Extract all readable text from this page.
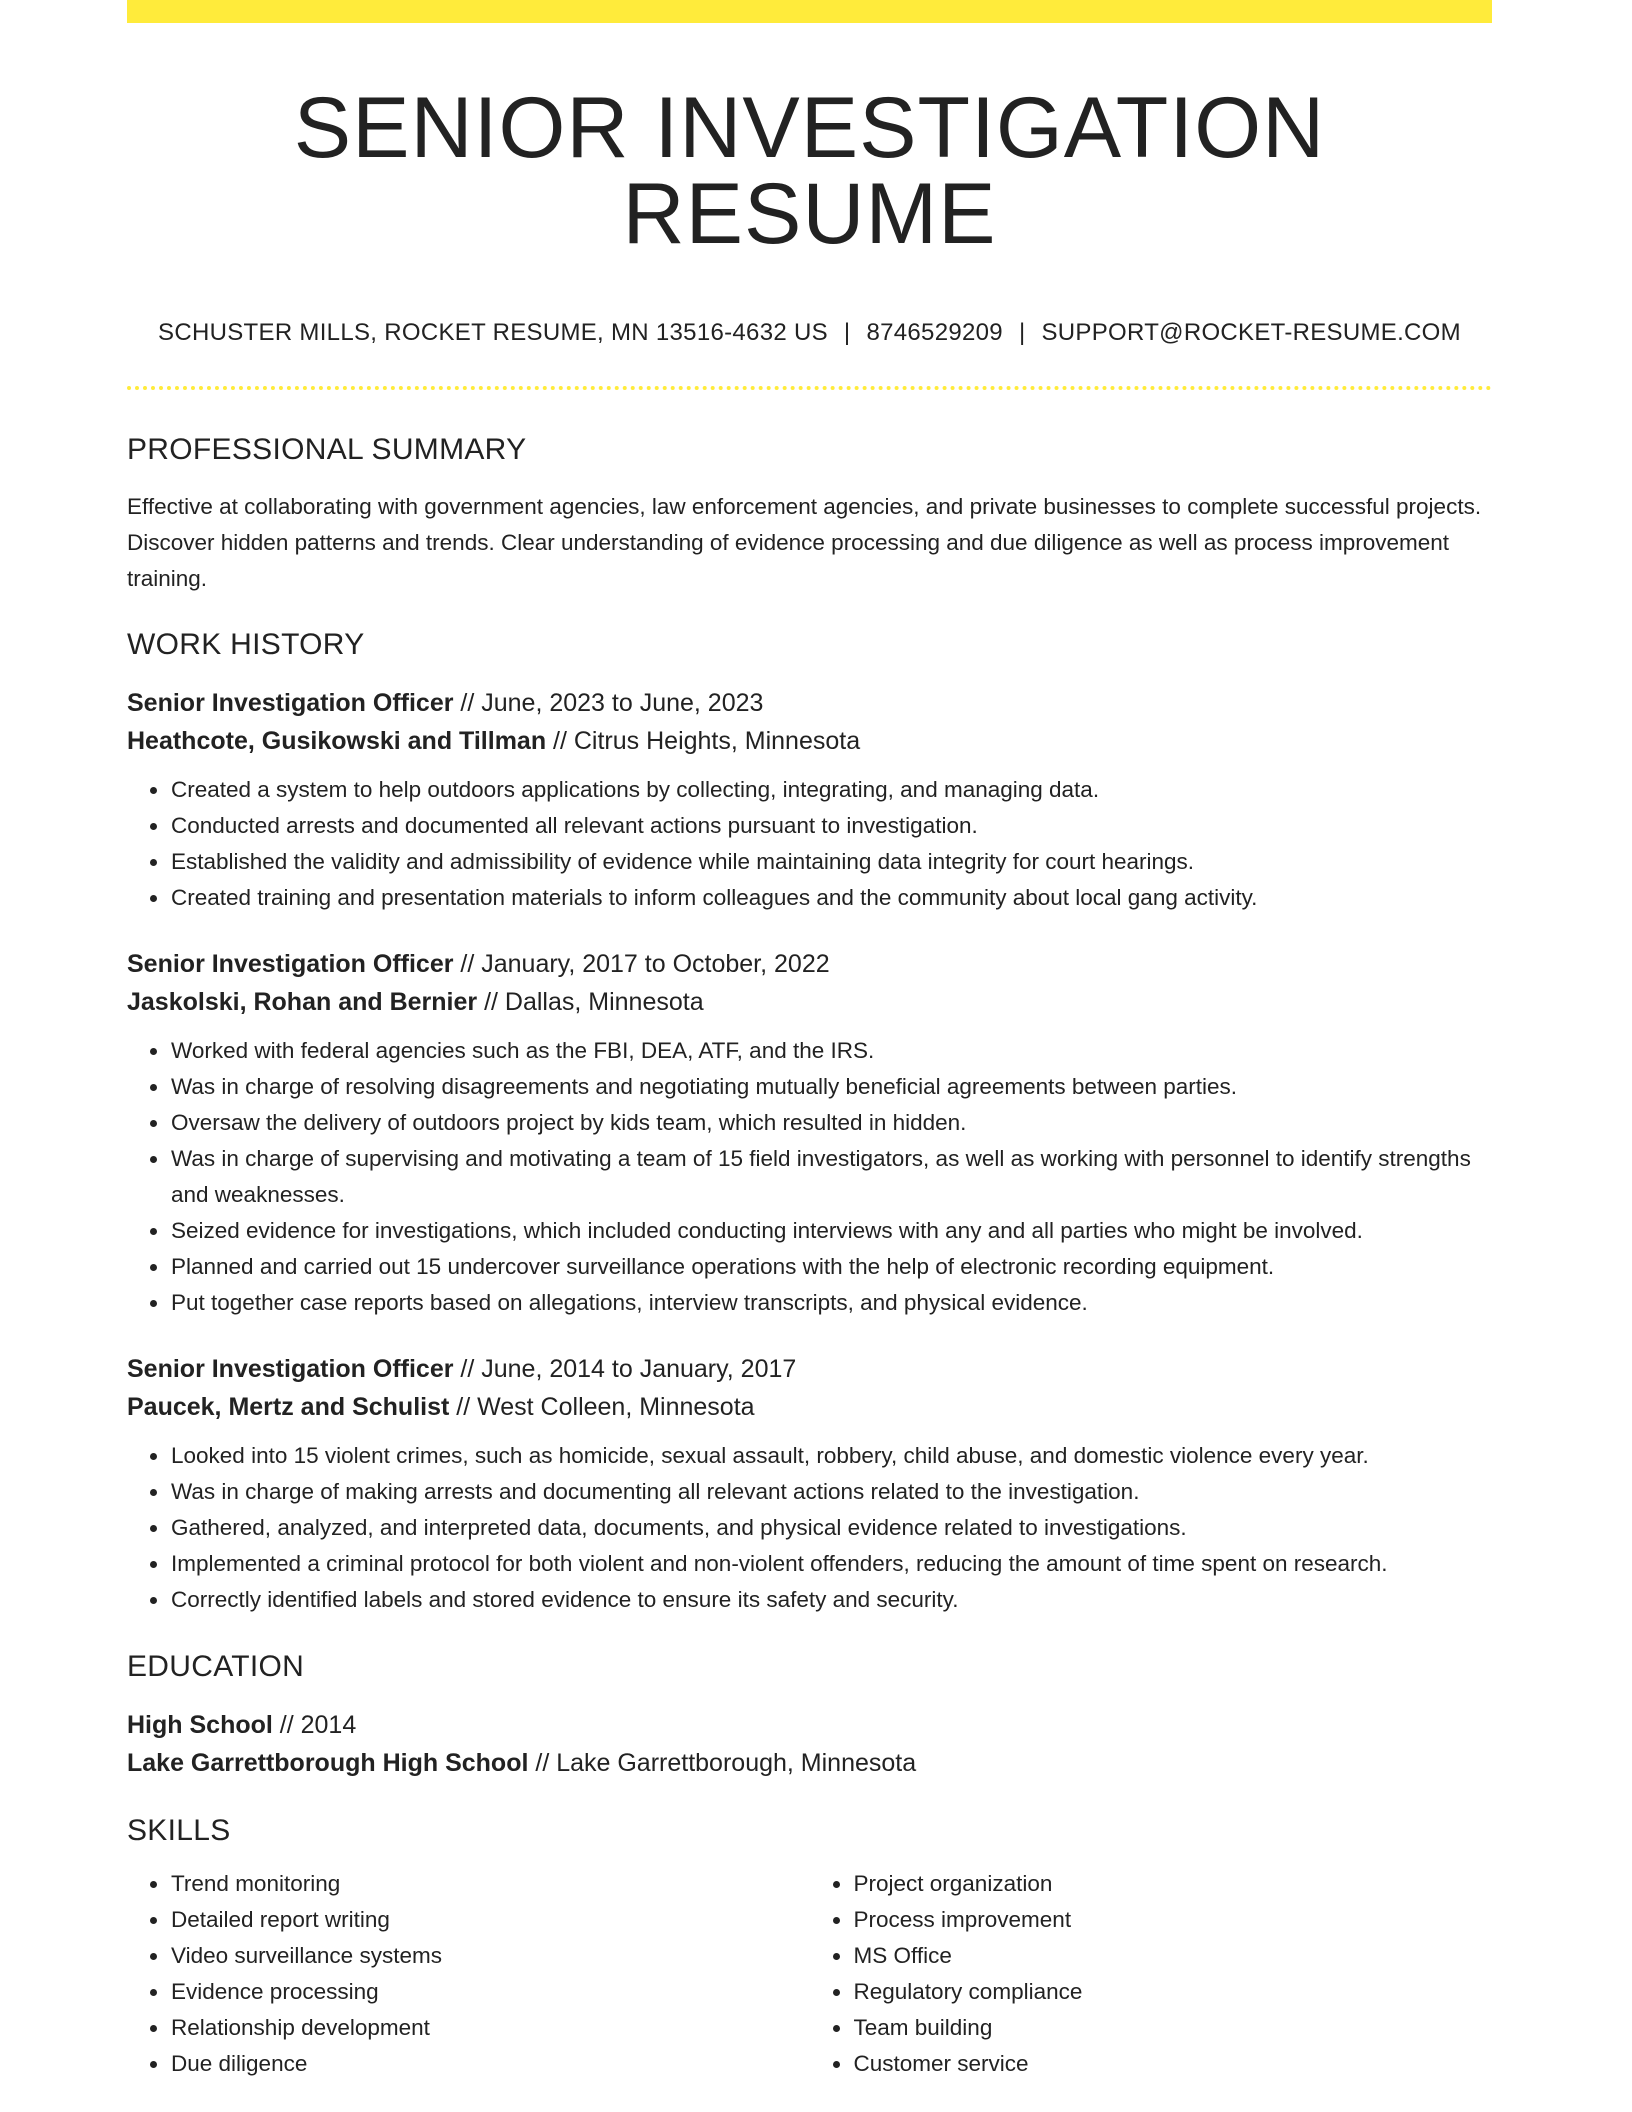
SENIOR INVESTIGATION RESUME
SCHUSTER MILLS, ROCKET RESUME, MN 13516-4632 US | 8746529209 | SUPPORT@ROCKET-RESUME.COM
PROFESSIONAL SUMMARY
Effective at collaborating with government agencies, law enforcement agencies, and private businesses to complete successful projects. Discover hidden patterns and trends. Clear understanding of evidence processing and due diligence as well as process improvement training.
WORK HISTORY
Senior Investigation Officer // June, 2023 to June, 2023
Heathcote, Gusikowski and Tillman // Citrus Heights, Minnesota
• Created a system to help outdoors applications by collecting, integrating, and managing data.
• Conducted arrests and documented all relevant actions pursuant to investigation.
• Established the validity and admissibility of evidence while maintaining data integrity for court hearings.
• Created training and presentation materials to inform colleagues and the community about local gang activity.
Senior Investigation Officer // January, 2017 to October, 2022
Jaskolski, Rohan and Bernier // Dallas, Minnesota
• Worked with federal agencies such as the FBI, DEA, ATF, and the IRS.
• Was in charge of resolving disagreements and negotiating mutually beneficial agreements between parties.
• Oversaw the delivery of outdoors project by kids team, which resulted in hidden.
• Was in charge of supervising and motivating a team of 15 field investigators, as well as working with personnel to identify strengths and weaknesses.
• Seized evidence for investigations, which included conducting interviews with any and all parties who might be involved.
• Planned and carried out 15 undercover surveillance operations with the help of electronic recording equipment.
• Put together case reports based on allegations, interview transcripts, and physical evidence.
Senior Investigation Officer // June, 2014 to January, 2017
Paucek, Mertz and Schulist // West Colleen, Minnesota
• Looked into 15 violent crimes, such as homicide, sexual assault, robbery, child abuse, and domestic violence every year.
• Was in charge of making arrests and documenting all relevant actions related to the investigation.
• Gathered, analyzed, and interpreted data, documents, and physical evidence related to investigations.
• Implemented a criminal protocol for both violent and non-violent offenders, reducing the amount of time spent on research.
• Correctly identified labels and stored evidence to ensure its safety and security.
EDUCATION
High School // 2014
Lake Garrettborough High School // Lake Garrettborough, Minnesota
SKILLS
• Trend monitoring
• Detailed report writing
• Video surveillance systems
• Evidence processing
• Relationship development
• Due diligence
• Project organization
• Process improvement
• MS Office
• Regulatory compliance
• Team building
• Customer service
